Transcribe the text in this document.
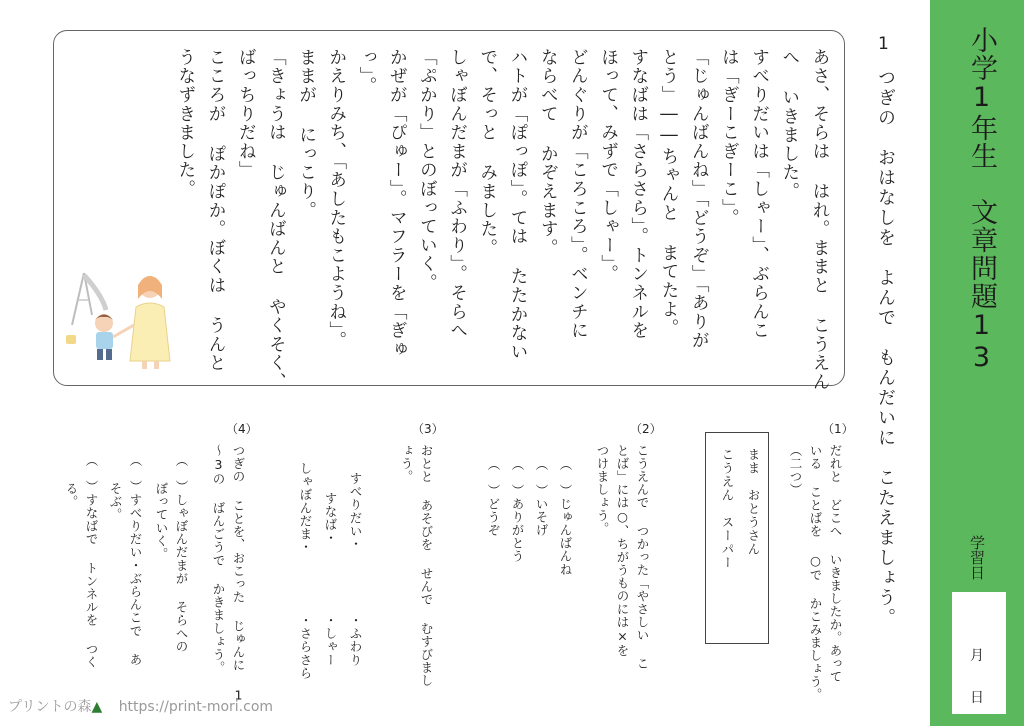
小学1年生　文章問題13
学習日
月
日
1
つぎの　おはなしを　よんで　もんだいに　こたえましょう。
あさ、そらは はれ。ままと こうえん
へ いきました。
すべりだいは「しゃー」、ぶらんこ
は「ぎーこぎーこ」。
「じゅんばんね」「どうぞ」「ありが
とう」――ちゃんと まてたよ。
すなばは「さらさら」。トンネルを
ほって、みずで「しゃー」。
どんぐりが「ころころ」。ベンチに
ならべて かぞえます。
ハトが「ぽっぽ」。ては たたかない
で、そっと みました。
しゃぼんだまが「ふわり」。そらへ
「ぷかり」とのぼっていく。
かぜが「ぴゅー」。マフラーを「ぎゅ
っ」。
かえりみち、「あしたもこようね」。
ままが にっこり。
「きょうは じゅんばんと やくそく、
ばっちりだね」
こころが ぽかぽか。ぼくは うんと
うなずきました。
（1）
だれと どこへ いきましたか。あって
いる ことばを ○で かこみましょう。
（二つ）
まま　おとうさん
こうえん　スーパー
（2）
こうえんで つかった「やさしい こ
とば」には○、ちがうものには×を
つけましょう。
（　）じゅんばんね
（　）いそげ
（　）ありがとう
（　）どうぞ
（3）
おとと あそびを せんで むすびまし
ょう。
すべりだい・
すなば・
しゃぼんだま・
・ふわり
・しゃー
・さらさら
（4）
つぎの ことを、おこった じゅんに 1
～3の ばんごうで かきましょう。
（　）しゃぼんだまが そらへの
ぼっていく。
（　）すべりだい・ぶらんこで あ
そぶ。
（　）すなばで トンネルを つく
る。
プリントの森▲ https://print-mori.com
